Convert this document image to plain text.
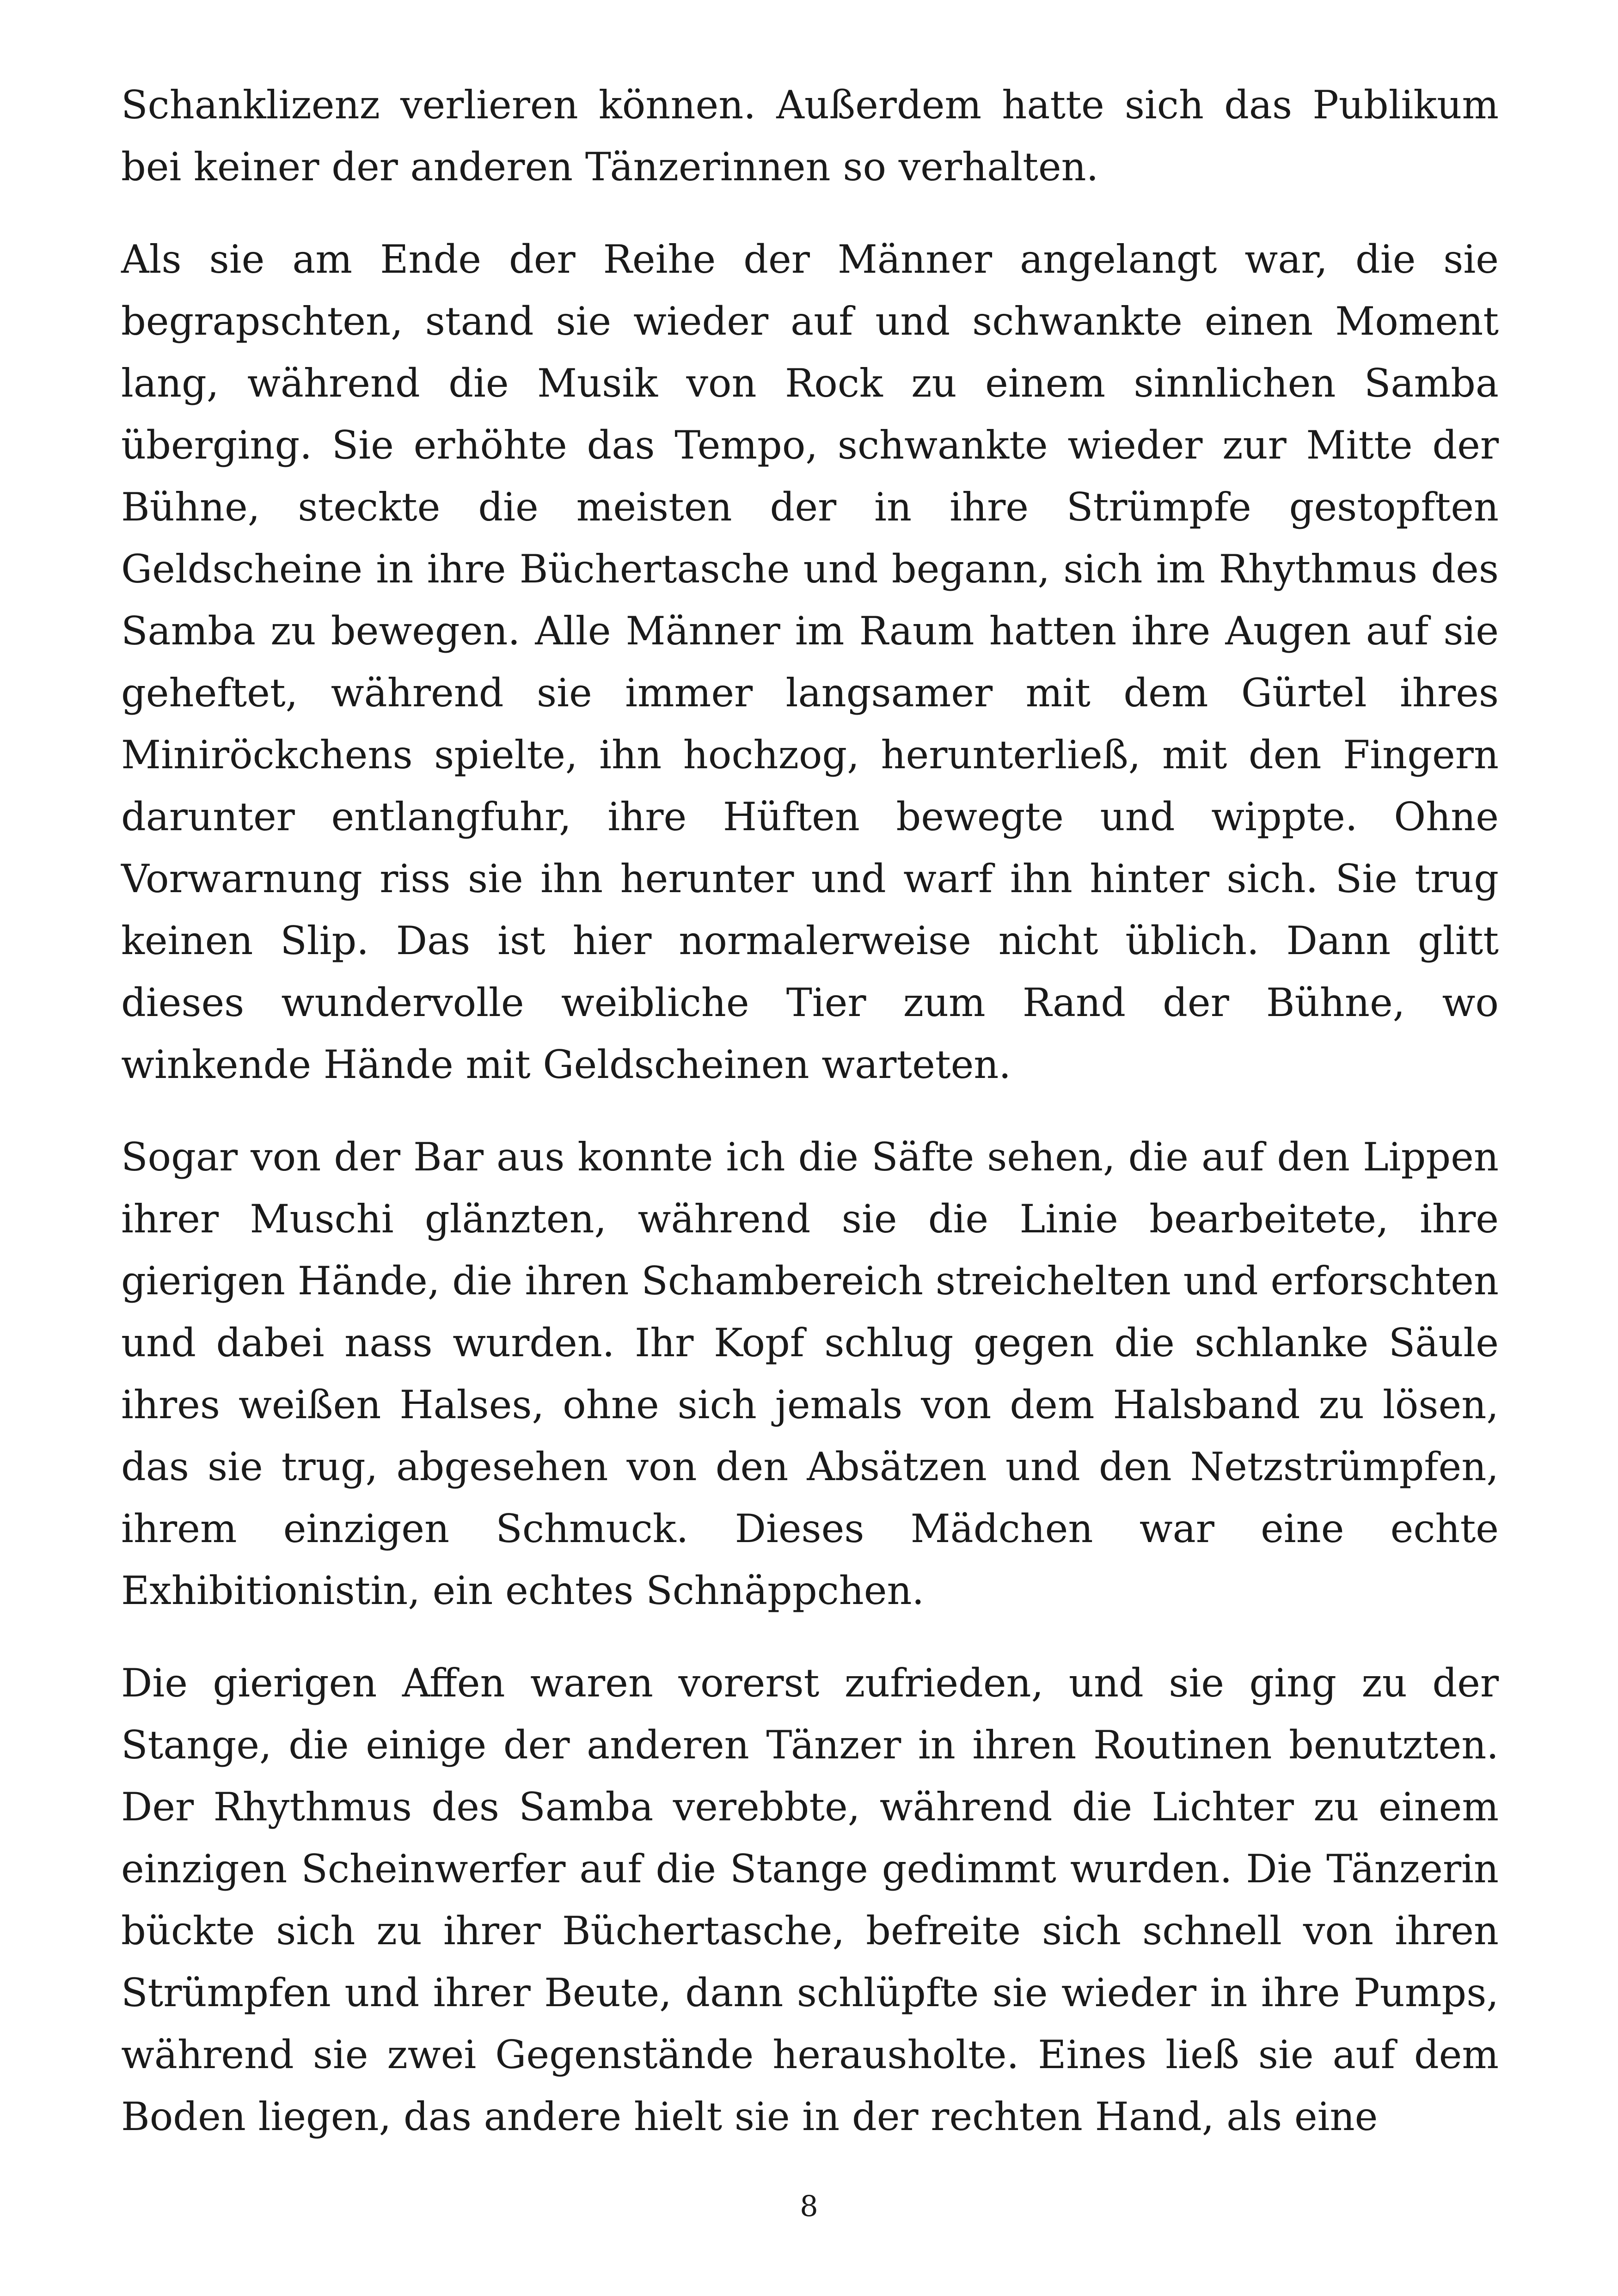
Schanklizenz verlieren können. Außerdem hatte sich das Publikum bei keiner der anderen Tänzerinnen so verhalten.

Als sie am Ende der Reihe der Männer angelangt war, die sie begrapschten, stand sie wieder auf und schwankte einen Moment lang, während die Musik von Rock zu einem sinnlichen Samba überging. Sie erhöhte das Tempo, schwankte wieder zur Mitte der Bühne, steckte die meisten der in ihre Strümpfe gestopften Geldscheine in ihre Büchertasche und begann, sich im Rhythmus des Samba zu bewegen. Alle Männer im Raum hatten ihre Augen auf sie geheftet, während sie immer langsamer mit dem Gürtel ihres Miniröckchens spielte, ihn hochzog, herunterließ, mit den Fingern darunter entlangfuhr, ihre Hüften bewegte und wippte. Ohne Vorwarnung riss sie ihn herunter und warf ihn hinter sich. Sie trug keinen Slip. Das ist hier normalerweise nicht üblich. Dann glitt dieses wundervolle weibliche Tier zum Rand der Bühne, wo winkende Hände mit Geldscheinen warteten.

Sogar von der Bar aus konnte ich die Säfte sehen, die auf den Lippen ihrer Muschi glänzten, während sie die Linie bearbeitete, ihre gierigen Hände, die ihren Schambereich streichelten und erforschten und dabei nass wurden. Ihr Kopf schlug gegen die schlanke Säule ihres weißen Halses, ohne sich jemals von dem Halsband zu lösen, das sie trug, abgesehen von den Absätzen und den Netzstrümpfen, ihrem einzigen Schmuck. Dieses Mädchen war eine echte Exhibitionistin, ein echtes Schnäppchen.

Die gierigen Affen waren vorerst zufrieden, und sie ging zu der Stange, die einige der anderen Tänzer in ihren Routinen benutzten. Der Rhythmus des Samba verebbte, während die Lichter zu einem einzigen Scheinwerfer auf die Stange gedimmt wurden. Die Tänzerin bückte sich zu ihrer Büchertasche, befreite sich schnell von ihren Strümpfen und ihrer Beute, dann schlüpfte sie wieder in ihre Pumps, während sie zwei Gegenstände herausholte. Eines ließ sie auf dem Boden liegen, das andere hielt sie in der rechten Hand, als eine

8
